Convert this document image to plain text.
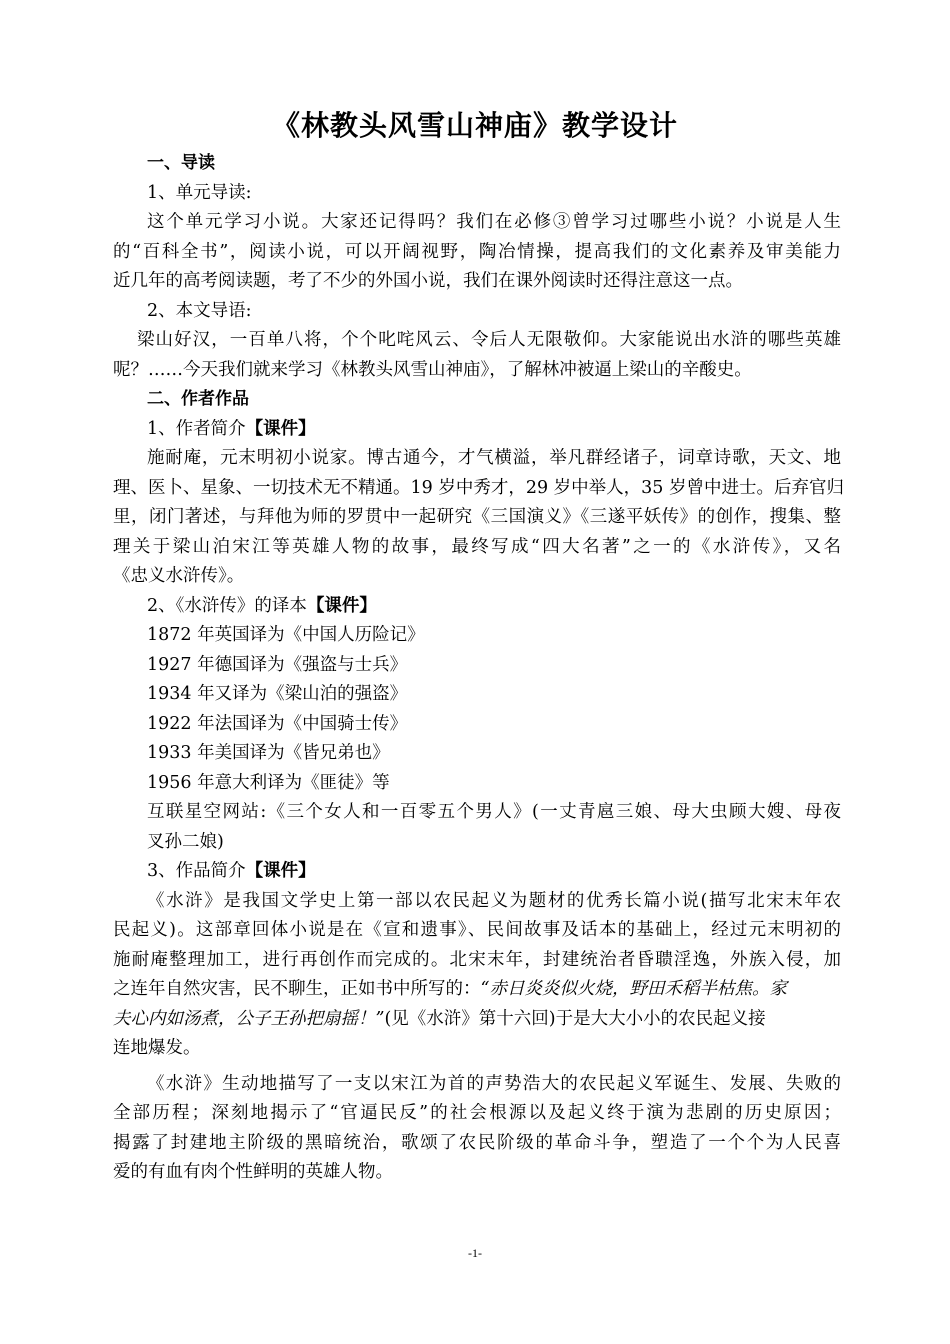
《林教头风雪山神庙》教学设计
一、导读
1、单元导读:
这个单元学习小说。大家还记得吗？我们在必修③曾学习过哪些小说？小说是人生
的“百科全书”，阅读小说，可以开阔视野，陶冶情操，提高我们的文化素养及审美能力
近几年的高考阅读题，考了不少的外国小说，我们在课外阅读时还得注意这一点。
2、本文导语:
梁山好汉，一百单八将，个个叱咤风云、令后人无限敬仰。大家能说出水浒的哪些英雄
呢？……今天我们就来学习《林教头风雪山神庙》，了解林冲被逼上梁山的辛酸史。
二、作者作品
1、作者简介【课件】
施耐庵，元末明初小说家。博古通今，才气横溢，举凡群经诸子，词章诗歌，天文、地
理、医卜、星象、一切技术无不精通。19 岁中秀才，29 岁中举人，35 岁曾中进士。后弃官归
里，闭门著述，与拜他为师的罗贯中一起研究《三国演义》《三遂平妖传》的创作，搜集、整
理关于梁山泊宋江等英雄人物的故事，最终写成“四大名著”之一的《水浒传》，又名
《忠义水浒传》。
2、《水浒传》的译本【课件】
1872 年英国译为《中国人历险记》
1927 年德国译为《强盗与士兵》
1934 年又译为《梁山泊的强盗》
1922 年法国译为《中国骑士传》
1933 年美国译为《皆兄弟也》
1956 年意大利译为《匪徒》等
互联星空网站:《三个女人和一百零五个男人》(一丈青扈三娘、母大虫顾大嫂、母夜
叉孙二娘)
3、作品简介【课件】
《水浒》是我国文学史上第一部以农民起义为题材的优秀长篇小说(描写北宋末年农
民起义)。这部章回体小说是在《宣和遗事》、民间故事及话本的基础上，经过元末明初的
施耐庵整理加工，进行再创作而完成的。北宋末年，封建统治者昏聩淫逸，外族入侵，加
之连年自然灾害，民不聊生，正如书中所写的：“赤日炎炎似火烧，野田禾稻半枯焦。家
夫心内如汤煮，公子王孙把扇摇！”(见《水浒》第十六回)于是大大小小的农民起义接
连地爆发。
《水浒》生动地描写了一支以宋江为首的声势浩大的农民起义军诞生、发展、失败的
全部历程；深刻地揭示了“官逼民反”的社会根源以及起义终于演为悲剧的历史原因；
揭露了封建地主阶级的黑暗统治，歌颂了农民阶级的革命斗争，塑造了一个个为人民喜
爱的有血有肉个性鲜明的英雄人物。
-1-
